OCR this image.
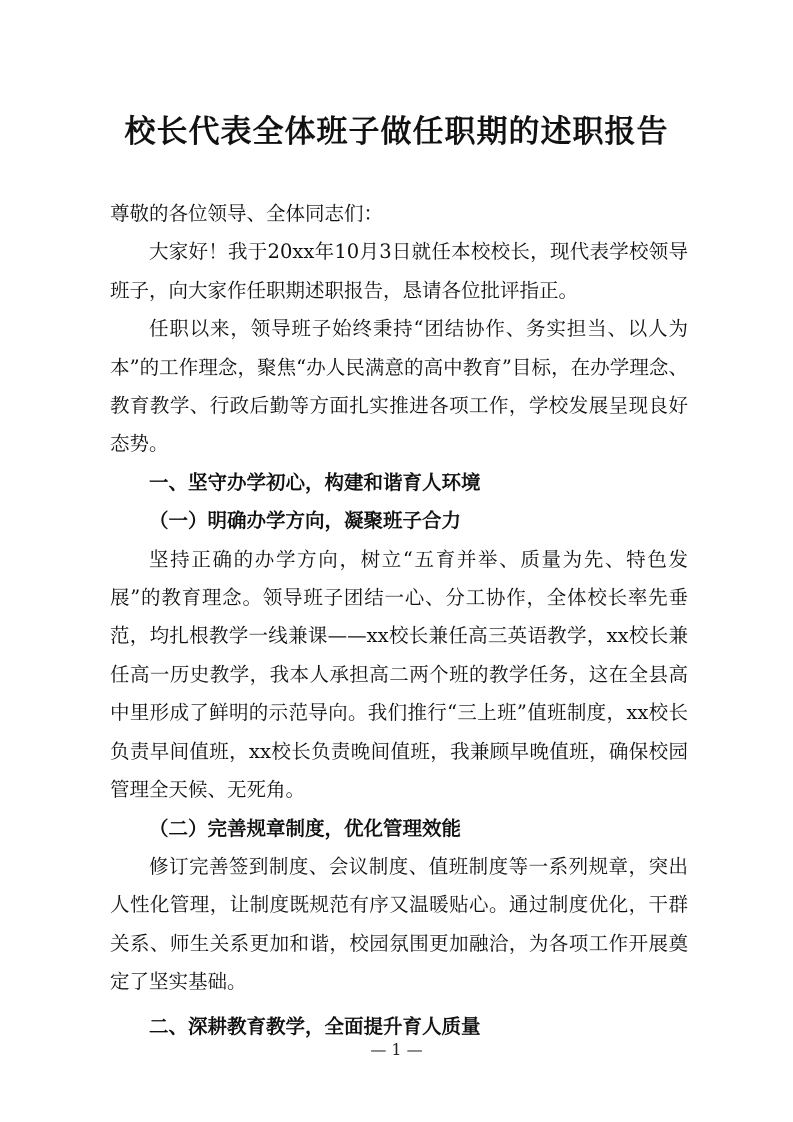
校长代表全体班子做任职期的述职报告

尊敬的各位领导、全体同志们：

大家好！我于20xx年10月3日就任本校校长，现代表学校领导班子，向大家作任职期述职报告，恳请各位批评指正。

任职以来，领导班子始终秉持“团结协作、务实担当、以人为本”的工作理念，聚焦“办人民满意的高中教育”目标，在办学理念、教育教学、行政后勤等方面扎实推进各项工作，学校发展呈现良好态势。

一、坚守办学初心，构建和谐育人环境

（一）明确办学方向，凝聚班子合力

坚持正确的办学方向，树立“五育并举、质量为先、特色发展”的教育理念。领导班子团结一心、分工协作，全体校长率先垂范，均扎根教学一线兼课——xx校长兼任高三英语教学，xx校长兼任高一历史教学，我本人承担高二两个班的教学任务，这在全县高中里形成了鲜明的示范导向。我们推行“三上班”值班制度，xx校长负责早间值班，xx校长负责晚间值班，我兼顾早晚值班，确保校园管理全天候、无死角。

（二）完善规章制度，优化管理效能

修订完善签到制度、会议制度、值班制度等一系列规章，突出人性化管理，让制度既规范有序又温暖贴心。通过制度优化，干群关系、师生关系更加和谐，校园氛围更加融洽，为各项工作开展奠定了坚实基础。

二、深耕教育教学，全面提升育人质量

— 1 —
